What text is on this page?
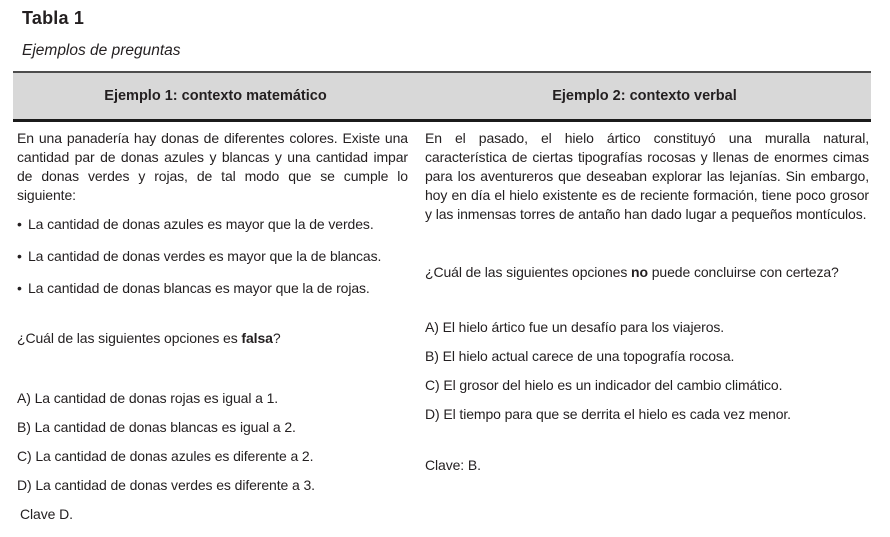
Tabla 1

Ejemplos de preguntas

Ejemplo 1: contexto matemático	Ejemplo 2: contexto verbal

En una panadería hay donas de diferentes colores. Existe una cantidad par de donas azules y blancas y una cantidad impar de donas verdes y rojas, de tal modo que se cumple lo siguiente:

• La cantidad de donas azules es mayor que la de verdes.
• La cantidad de donas verdes es mayor que la de blancas.
• La cantidad de donas blancas es mayor que la de rojas.

¿Cuál de las siguientes opciones es falsa?

A) La cantidad de donas rojas es igual a 1.

B) La cantidad de donas blancas es igual a 2.

C) La cantidad de donas azules es diferente a 2.

D) La cantidad de donas verdes es diferente a 3.

Clave D.

En el pasado, el hielo ártico constituyó una muralla natural, característica de ciertas tipografías rocosas y llenas de enormes cimas para los aventureros que deseaban explorar las lejanías. Sin embargo, hoy en día el hielo existente es de reciente formación, tiene poco grosor y las inmensas torres de antaño han dado lugar a pequeños montículos.

¿Cuál de las siguientes opciones no puede concluirse con certeza?

A) El hielo ártico fue un desafío para los viajeros.

B) El hielo actual carece de una topografía rocosa.

C) El grosor del hielo es un indicador del cambio climático.

D) El tiempo para que se derrita el hielo es cada vez menor.

Clave: B.
